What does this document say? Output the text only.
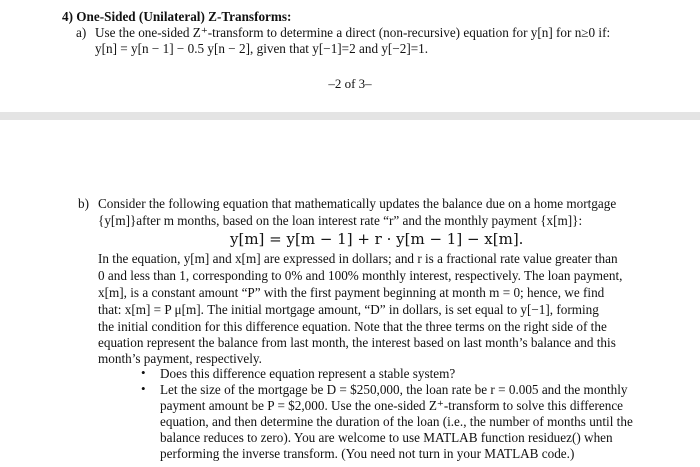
4) One-Sided (Unilateral) Z-Transforms:
a) Use the one-sided Z⁺-transform to determine a direct (non-recursive) equation for y[n] for n≥0 if:
y[n] = y[n − 1] − 0.5 y[n − 2], given that y[−1]=2 and y[−2]=1.
–2 of 3–
b) Consider the following equation that mathematically updates the balance due on a home mortgage
{y[m]}after m months, based on the loan interest rate “r” and the monthly payment {x[m]}:
y[m] = y[m − 1] + r · y[m − 1] − x[m].
In the equation, y[m] and x[m] are expressed in dollars; and r is a fractional rate value greater than
0 and less than 1, corresponding to 0% and 100% monthly interest, respectively. The loan payment,
x[m], is a constant amount “P” with the first payment beginning at month m = 0; hence, we find
that: x[m] = P μ[m]. The initial mortgage amount, “D” in dollars, is set equal to y[−1], forming
the initial condition for this difference equation. Note that the three terms on the right side of the
equation represent the balance from last month, the interest based on last month’s balance and this
month’s payment, respectively.
• Does this difference equation represent a stable system?
• Let the size of the mortgage be D = $250,000, the loan rate be r = 0.005 and the monthly
payment amount be P = $2,000. Use the one-sided Z⁺-transform to solve this difference
equation, and then determine the duration of the loan (i.e., the number of months until the
balance reduces to zero). You are welcome to use MATLAB function residuez() when
performing the inverse transform. (You need not turn in your MATLAB code.)
